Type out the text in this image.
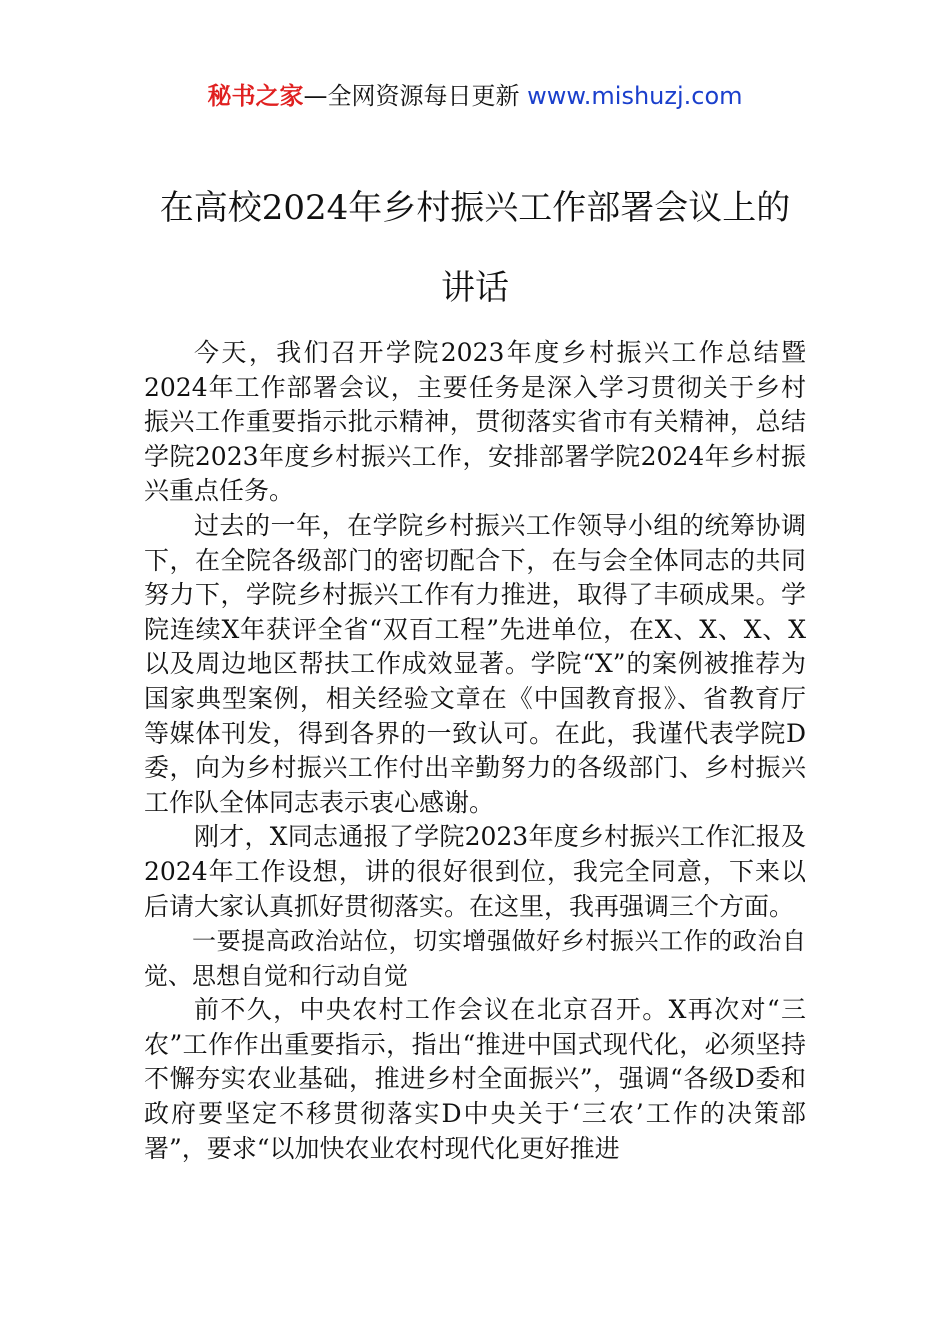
秘书之家—全网资源每日更新 www.mishuzj.com
在高校2024年乡村振兴工作部署会议上的
讲话

今天，我们召开学院2023年度乡村振兴工作总结暨2024年工作部署会议，主要任务是深入学习贯彻关于乡村振兴工作重要指示批示精神，贯彻落实省市有关精神，总结学院2023年度乡村振兴工作，安排部署学院2024年乡村振兴重点任务。

过去的一年，在学院乡村振兴工作领导小组的统筹协调下，在全院各级部门的密切配合下，在与会全体同志的共同努力下，学院乡村振兴工作有力推进，取得了丰硕成果。学院连续X年获评全省“双百工程”先进单位，在X、X、X、X以及周边地区帮扶工作成效显著。学院“X”的案例被推荐为国家典型案例，相关经验文章在《中国教育报》、省教育厅等媒体刊发，得到各界的一致认可。在此，我谨代表学院D委，向为乡村振兴工作付出辛勤努力的各级部门、乡村振兴工作队全体同志表示衷心感谢。

刚才，X同志通报了学院2023年度乡村振兴工作汇报及2024年工作设想，讲的很好很到位，我完全同意，下来以后请大家认真抓好贯彻落实。在这里，我再强调三个方面。

一要提高政治站位，切实增强做好乡村振兴工作的政治自觉、思想自觉和行动自觉

前不久，中央农村工作会议在北京召开。X再次对“三农”工作作出重要指示，指出“推进中国式现代化，必须坚持不懈夯实农业基础，推进乡村全面振兴”，强调“各级D委和政府要坚定不移贯彻落实D中央关于‘三农’工作的决策部署”，要求“以加快农业农村现代化更好推进
